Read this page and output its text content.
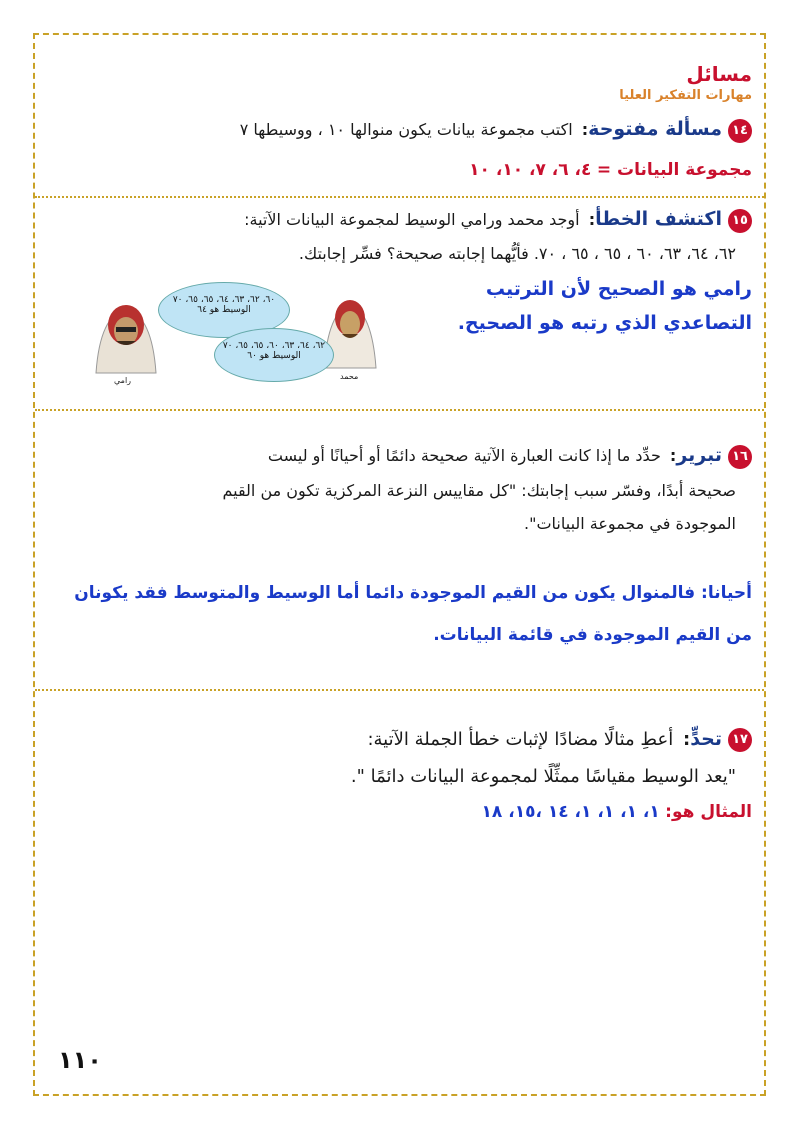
مسائل
مهارات التفكير العليا
١٤مسألة مفتوحة: اكتب مجموعة بيانات يكون منوالها ١٠ ، ووسيطها ٧
مجموعة البيانات = ٤، ٦، ٧، ١٠، ١٠
١٥اكتشف الخطأ: أوجد محمد ورامي الوسيط لمجموعة البيانات الآتية:
٦٢، ٦٤، ٦٣، ٦٠ ، ٦٥ ، ٦٥ ، ٧٠. فأيُّهما إجابته صحيحة؟ فسِّر إجابتك.
رامي هو الصحيح لأن الترتيب
التصاعدي الذي رتبه هو الصحيح.
٦٠، ٦٢، ٦٣، ٦٤، ٦٥، ٦٥، ٧٠
الوسيط هو ٦٤
٦٢، ٦٤، ٦٣، ٦٠، ٦٥، ٦٥، ٧٠
الوسيط هو ٦٠
رامي	محمد
١٦تبرير: حدِّد ما إذا كانت العبارة الآتية صحيحة دائمًا أو أحيانًا أو ليست
صحيحة أبدًا، وفسّر سبب إجابتك: "كل مقاييس النزعة المركزية تكون من القيم
الموجودة في مجموعة البيانات".
أحيانا: فالمنوال يكون من القيم الموجودة دائما أما الوسيط والمتوسط فقد يكونان
من القيم الموجودة في قائمة البيانات.
١٧تحدٍّ: أعطِ مثالًا مضادًا لإثبات خطأ الجملة الآتية:
"يعد الوسيط مقياسًا ممثِّلًا لمجموعة البيانات دائمًا ".
المثال هو: ١، ١، ١، ١، ١٤ ،١٥، ١٨
١١٠
